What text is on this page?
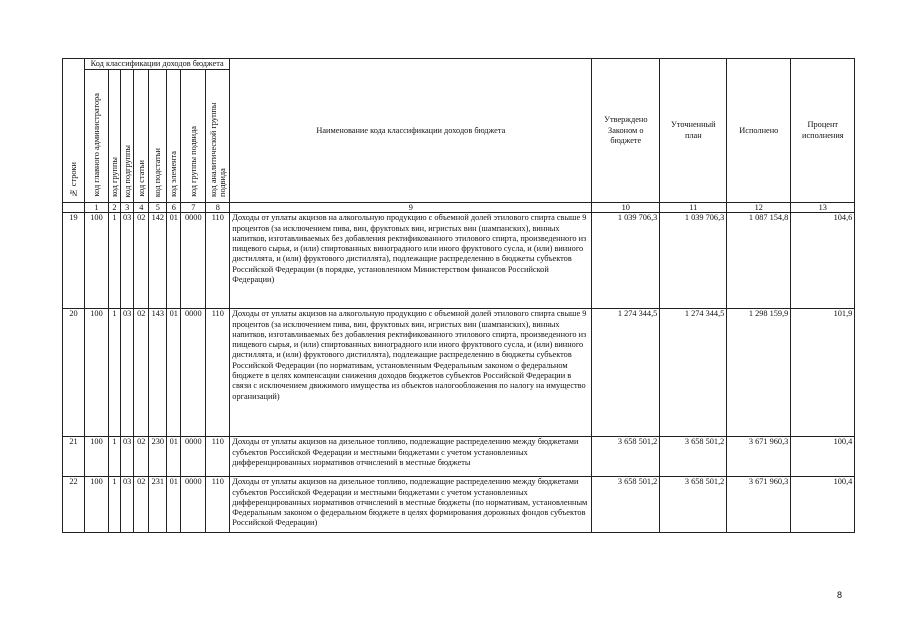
№ строки	Код классификации доходов бюджета								Наименование кода классификации доходов бюджета	Утверждено Законом о бюджете	Уточненный план	Исполнено	Процент исполнения
	код главного администратора	код группы	код подгруппы	код статьи	код подстатьи	код элемента	код группы подвида	код аналитической группы подвида					
	1	2	3	4	5	6	7	8	9	10	11	12	13
19	100	1	03	02	142	01	0000	110	Доходы от уплаты акцизов на алкогольную продукцию с объемной долей этилового спирта свыше 9 процентов (за исключением пива, вин, фруктовых вин, игристых вин (шампанских), винных напитков, изготавливаемых без добавления ректификованного этилового спирта, произведенного из пищевого сырья, и (или) спиртованных виноградного или иного фруктового сусла, и (или) винного дистиллята, и (или) фруктового дистиллята), подлежащие распределению в бюджеты субъектов Российской Федерации (в порядке, установленном Министерством финансов Российской Федерации)	1 039 706,3	1 039 706,3	1 087 154,8	104,6
20	100	1	03	02	143	01	0000	110	Доходы от уплаты акцизов на алкогольную продукцию с объемной долей этилового спирта свыше 9 процентов (за исключением пива, вин, фруктовых вин, игристых вин (шампанских), винных напитков, изготавливаемых без добавления ректификованного этилового спирта, произведенного из пищевого сырья, и (или) спиртованных виноградного или иного фруктового сусла, и (или) винного дистиллята, и (или) фруктового дистиллята), подлежащие распределению в бюджеты субъектов Российской Федерации (по нормативам, установленным Федеральным законом о федеральном бюджете в целях компенсации снижения доходов бюджетов субъектов Российской Федерации в связи с исключением движимого имущества из объектов налогообложения по налогу на имущество организаций)	1 274 344,5	1 274 344,5	1 298 159,9	101,9
21	100	1	03	02	230	01	0000	110	Доходы от уплаты акцизов на дизельное топливо, подлежащие распределению между бюджетами субъектов Российской Федерации и местными бюджетами с учетом установленных дифференцированных нормативов отчислений в местные бюджеты	3 658 501,2	3 658 501,2	3 671 960,3	100,4
22	100	1	03	02	231	01	0000	110	Доходы от уплаты акцизов на дизельное топливо, подлежащие распределению между бюджетами субъектов Российской Федерации и местными бюджетами с учетом установленных дифференцированных нормативов отчислений в местные бюджеты (по нормативам, установленным Федеральным законом о федеральном бюджете в целях формирования дорожных фондов субъектов Российской Федерации)	3 658 501,2	3 658 501,2	3 671 960,3	100,4
8
